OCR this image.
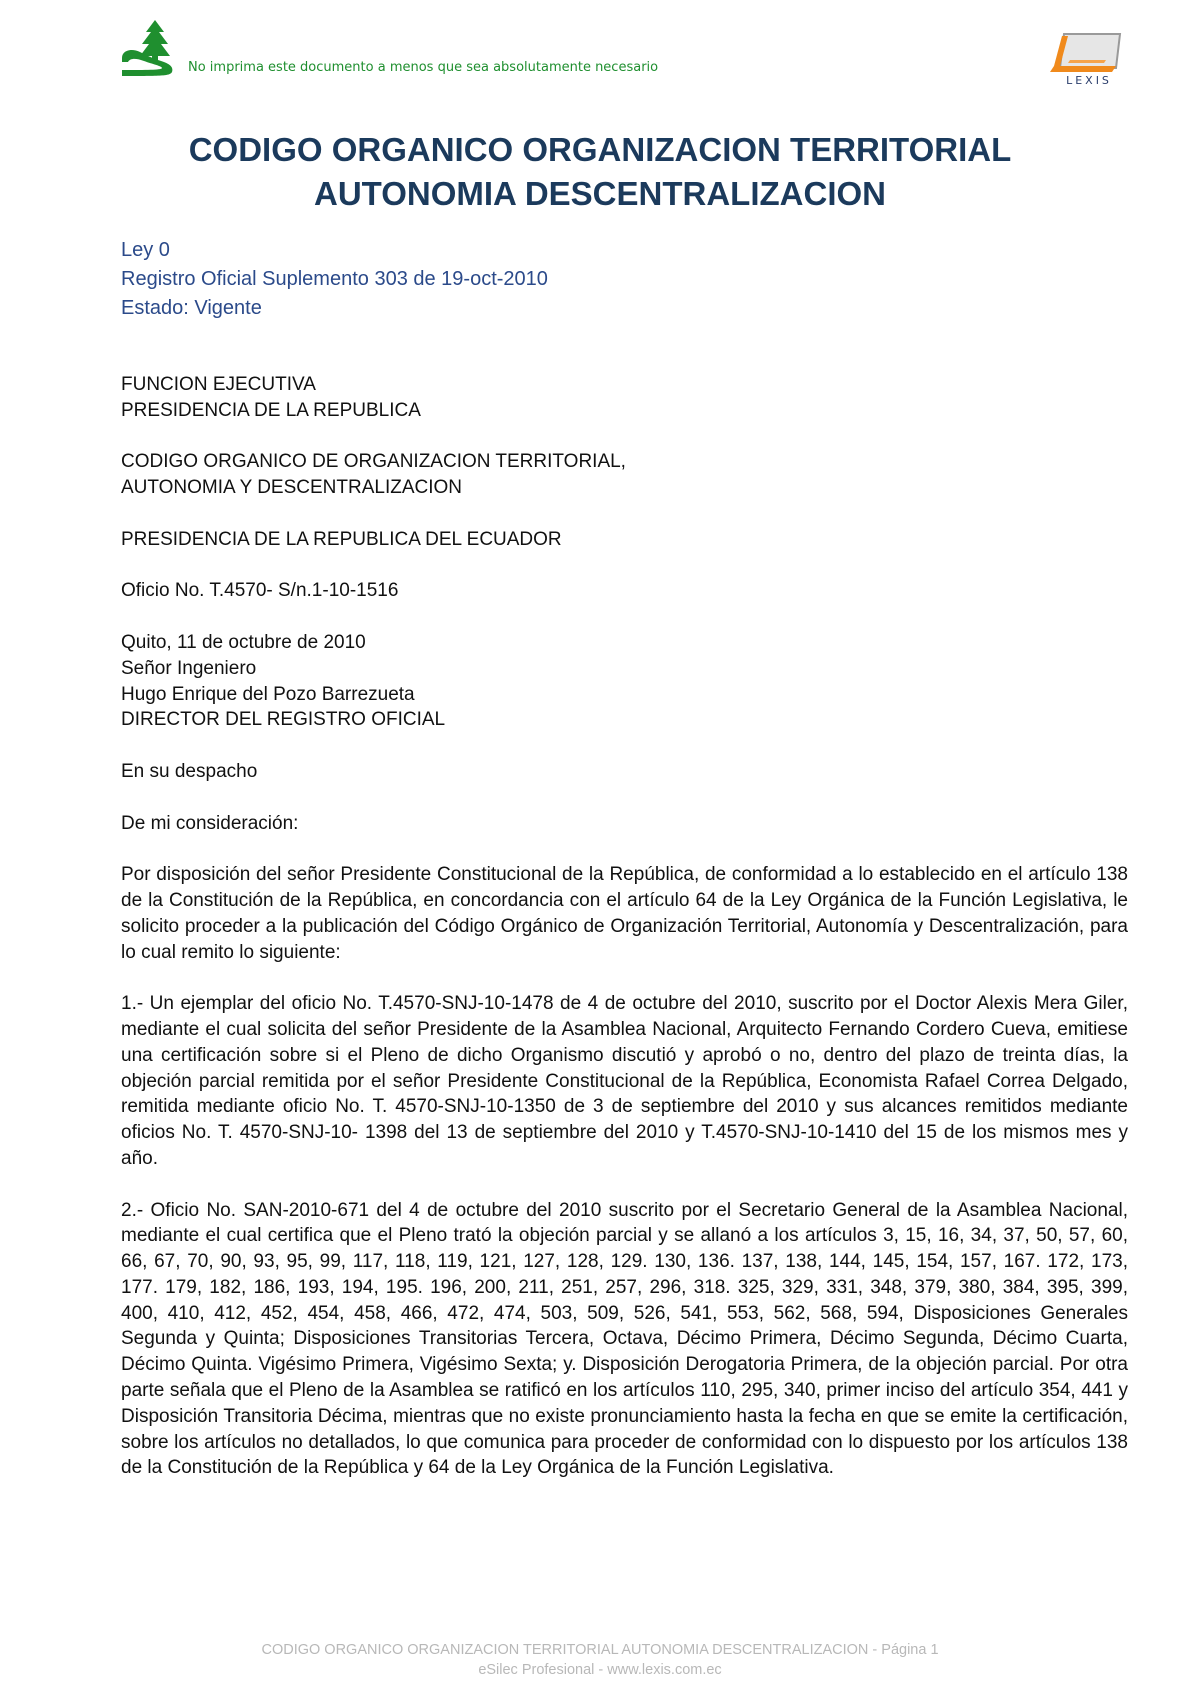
No imprima este documento a menos que sea absolutamente necesario
LEXIS
CODIGO ORGANICO ORGANIZACION TERRITORIAL
AUTONOMIA DESCENTRALIZACION
Ley 0
Registro Oficial Suplemento 303 de 19-oct-2010
Estado: Vigente

FUNCION EJECUTIVA
PRESIDENCIA DE LA REPUBLICA

CODIGO ORGANICO DE ORGANIZACION TERRITORIAL,
AUTONOMIA Y DESCENTRALIZACION

PRESIDENCIA DE LA REPUBLICA DEL ECUADOR

Oficio No. T.4570- S/n.1-10-1516

Quito, 11 de octubre de 2010
Señor Ingeniero
Hugo Enrique del Pozo Barrezueta
DIRECTOR DEL REGISTRO OFICIAL

En su despacho

De mi consideración:

Por disposición del señor Presidente Constitucional de la República, de conformidad a lo establecido en el artículo 138 de la Constitución de la República, en concordancia con el artículo 64 de la Ley Orgánica de la Función Legislativa, le solicito proceder a la publicación del Código Orgánico de Organización Territorial, Autonomía y Descentralización, para lo cual remito lo siguiente:

1.- Un ejemplar del oficio No. T.4570-SNJ-10-1478 de 4 de octubre del 2010, suscrito por el Doctor Alexis Mera Giler, mediante el cual solicita del señor Presidente de la Asamblea Nacional, Arquitecto Fernando Cordero Cueva, emitiese una certificación sobre si el Pleno de dicho Organismo discutió y aprobó o no, dentro del plazo de treinta días, la objeción parcial remitida por el señor Presidente Constitucional de la República, Economista Rafael Correa Delgado, remitida mediante oficio No. T. 4570-SNJ-10-1350 de 3 de septiembre del 2010 y sus alcances remitidos mediante oficios No. T. 4570-SNJ-10- 1398 del 13 de septiembre del 2010 y T.4570-SNJ-10-1410 del 15 de los mismos mes y año.

2.- Oficio No. SAN-2010-671 del 4 de octubre del 2010 suscrito por el Secretario General de la Asamblea Nacional, mediante el cual certifica que el Pleno trató la objeción parcial y se allanó a los artículos 3, 15, 16, 34, 37, 50, 57, 60, 66, 67, 70, 90, 93, 95, 99, 117, 118, 119, 121, 127, 128, 129. 130, 136. 137, 138, 144, 145, 154, 157, 167. 172, 173, 177. 179, 182, 186, 193, 194, 195. 196, 200, 211, 251, 257, 296, 318. 325, 329, 331, 348, 379, 380, 384, 395, 399, 400, 410, 412, 452, 454, 458, 466, 472, 474, 503, 509, 526, 541, 553, 562, 568, 594, Disposiciones Generales Segunda y Quinta; Disposiciones Transitorias Tercera, Octava, Décimo Primera, Décimo Segunda, Décimo Cuarta, Décimo Quinta. Vigésimo Primera, Vigésimo Sexta; y. Disposición Derogatoria Primera, de la objeción parcial. Por otra parte señala que el Pleno de la Asamblea se ratificó en los artículos 110, 295, 340, primer inciso del artículo 354, 441 y Disposición Transitoria Décima, mientras que no existe pronunciamiento hasta la fecha en que se emite la certificación, sobre los artículos no detallados, lo que comunica para proceder de conformidad con lo dispuesto por los artículos 138 de la Constitución de la República y 64 de la Ley Orgánica de la Función Legislativa.

CODIGO ORGANICO ORGANIZACION TERRITORIAL AUTONOMIA DESCENTRALIZACION - Página 1
eSilec Profesional - www.lexis.com.ec
